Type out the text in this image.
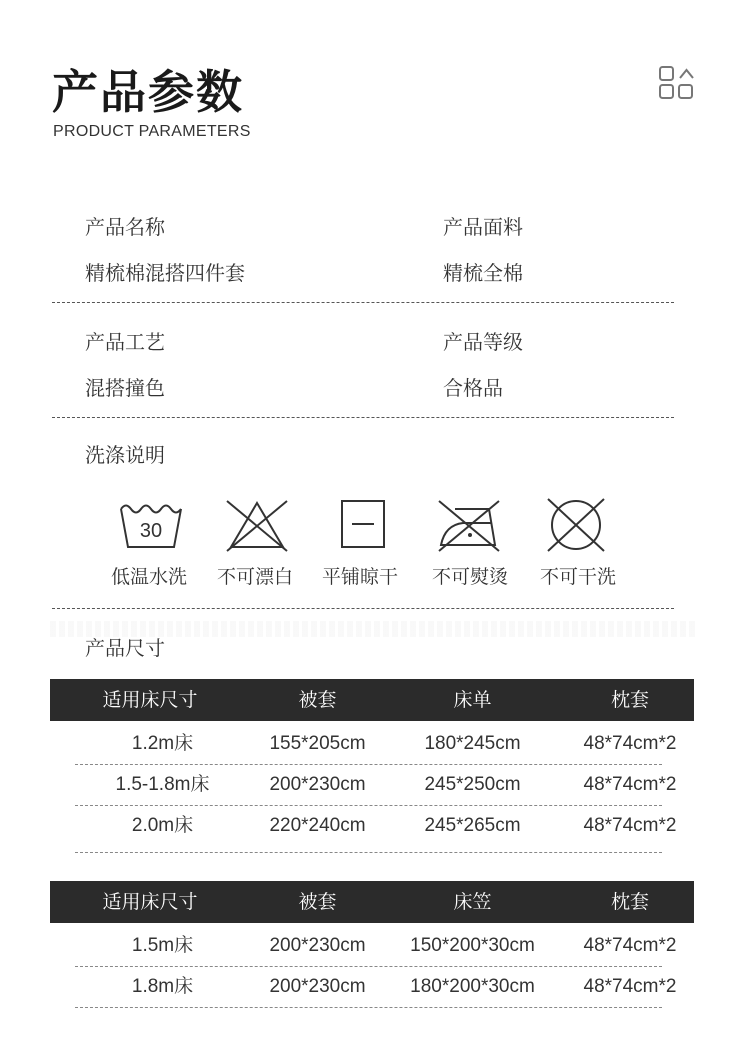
产品参数
PRODUCT PARAMETERS
产品名称
精梳棉混搭四件套
产品面料
精梳全棉
产品工艺
混搭撞色
产品等级
合格品
洗涤说明
30
低温水洗	不可漂白	平铺晾干	不可熨烫	不可干洗
产品尺寸
适用床尺寸	被套	床单	枕套
1.2m床	155*205cm	180*245cm	48*74cm*2
1.5-1.8m床	200*230cm	245*250cm	48*74cm*2
2.0m床	220*240cm	245*265cm	48*74cm*2
适用床尺寸	被套	床笠	枕套
1.5m床	200*230cm	150*200*30cm	48*74cm*2
1.8m床	200*230cm	180*200*30cm	48*74cm*2
